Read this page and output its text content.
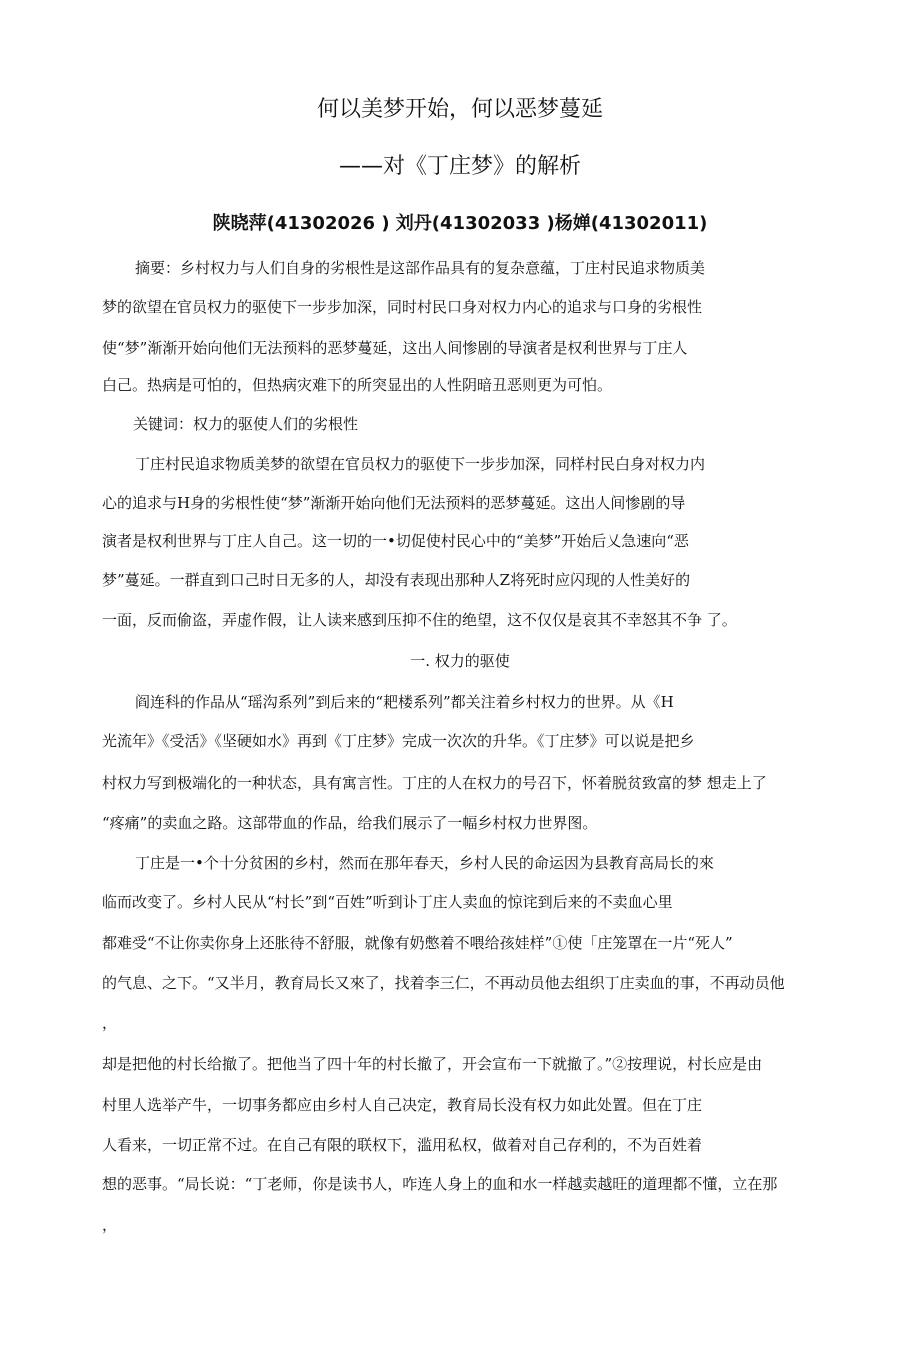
何以美梦开始，何以恶梦蔓延
——对《丁庄梦》的解析
陕晓萍(41302026 ) 刘丹(41302033 )杨婵(41302011)
摘要：乡村权力与人们自身的劣根性是这部作品具有的复杂意蕴，丁庄村民追求物质美
梦的欲望在官员权力的驱使下一步步加深，同时村民口身对权力内心的追求与口身的劣根性
使“梦”渐渐开始向他们无法预料的恶梦蔓延，这出人间惨剧的导演者是权利世界与丁庄人
白己。热病是可怕的，但热病灾难下的所突显出的人性阴暗丑恶则更为可怕。
关键词：权力的驱使人们的劣根性
丁庄村民追求物质美梦的欲望在官员权力的驱使下一步步加深，同样村民白身对权力内
心的追求与H身的劣根性使“梦”渐渐开始向他们无法预料的恶梦蔓延。这出人间惨剧的导
演者是权利世界与丁庄人自己。这一切的一•切促使村民心中的“美梦”开始后乂急速向“恶
梦”蔓延。一群直到口己时日无多的人，却没有表现出那种人Z将死时应闪现的人性美好的
一面，反而偷盗，弄虚作假，让人读来感到压抑不住的绝望，这不仅仅是哀其不幸怒其不争 了。
一. 权力的驱使
阎连科的作品从“瑶沟系列”到后来的“耙楼系列”都关注着乡村权力的世界。从《H
光流年》《受活》《坚硬如水》再到《丁庄梦》完成一次次的升华。《丁庄梦》可以说是把乡
村权力写到极端化的一种状态，具有寓言性。丁庄的人在权力的号召下，怀着脱贫致富的梦 想走上了
“疼痛”的卖血之路。这部带血的作品，给我们展示了一幅乡村权力世界图。
丁庄是一•个十分贫困的乡村，然而在那年春天，乡村人民的命运因为县教育高局长的來
临而改变了。乡村人民从“村长”到“百姓”听到讣丁庄人卖血的惊诧到后来的不卖血心里
都难受“不让你卖你身上还胀待不舒服，就像有奶憋着不喂给孩娃样”①使「庄笼罩在一片“死人”
的气息、之下。“又半月，教育局长又來了，找着李三仁，不再动员他去组织丁庄卖血的事，不再动员他
，
却是把他的村长给撤了。把他当了四十年的村长撤了，开会宣布一下就撤了。”②按理说，村长应是由
村里人选举产牛，一切事务都应由乡村人自己决定，教育局长没有权力如此处置。但在丁庄
人看来，一切正常不过。在自己有限的联权下，滥用私权，做着对自己存利的，不为百姓着
想的恶事。“局长说：“丁老师，你是读书人，咋连人身上的血和水一样越卖越旺的道理都不懂，立在那
，
